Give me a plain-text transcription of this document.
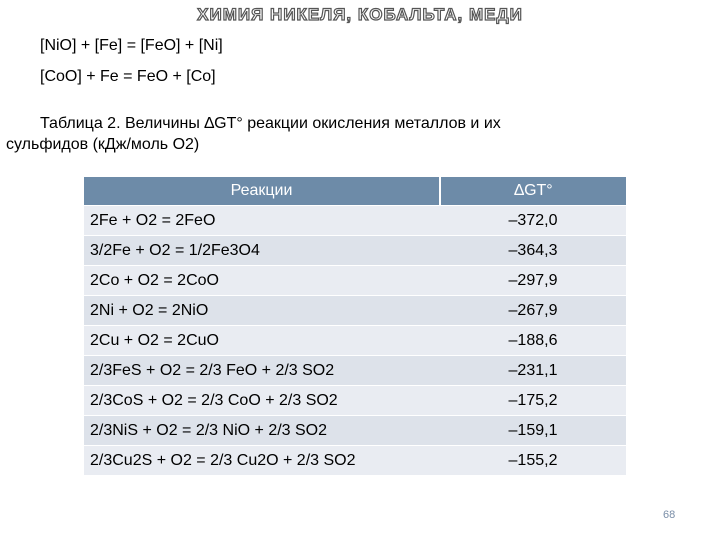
ХИМИЯ НИКЕЛЯ, КОБАЛЬТА, МЕДИ
[NiO] + [Fe] = [FeO] + [Ni]
[CoO] + Fe = FeO + [Co]
Таблица 2. Величины ∆GT° реакции окисления металлов и их
сульфидов (кДж/моль O2)
Реакции	∆GT°
2Fe + O2 = 2FeO	–372,0
3/2Fe + O2 = 1/2Fe3O4	–364,3
2Co + O2 = 2CoO	–297,9
2Ni + O2 = 2NiO	–267,9
2Cu + O2 = 2CuO	–188,6
2/3FeS + O2 = 2/3 FeO + 2/3 SO2	–231,1
2/3CoS + O2 = 2/3 CoO + 2/3 SO2	–175,2
2/3NiS + O2 = 2/3 NiO + 2/3 SO2	–159,1
2/3Cu2S + O2 = 2/3 Cu2O + 2/3 SO2	–155,2
68
